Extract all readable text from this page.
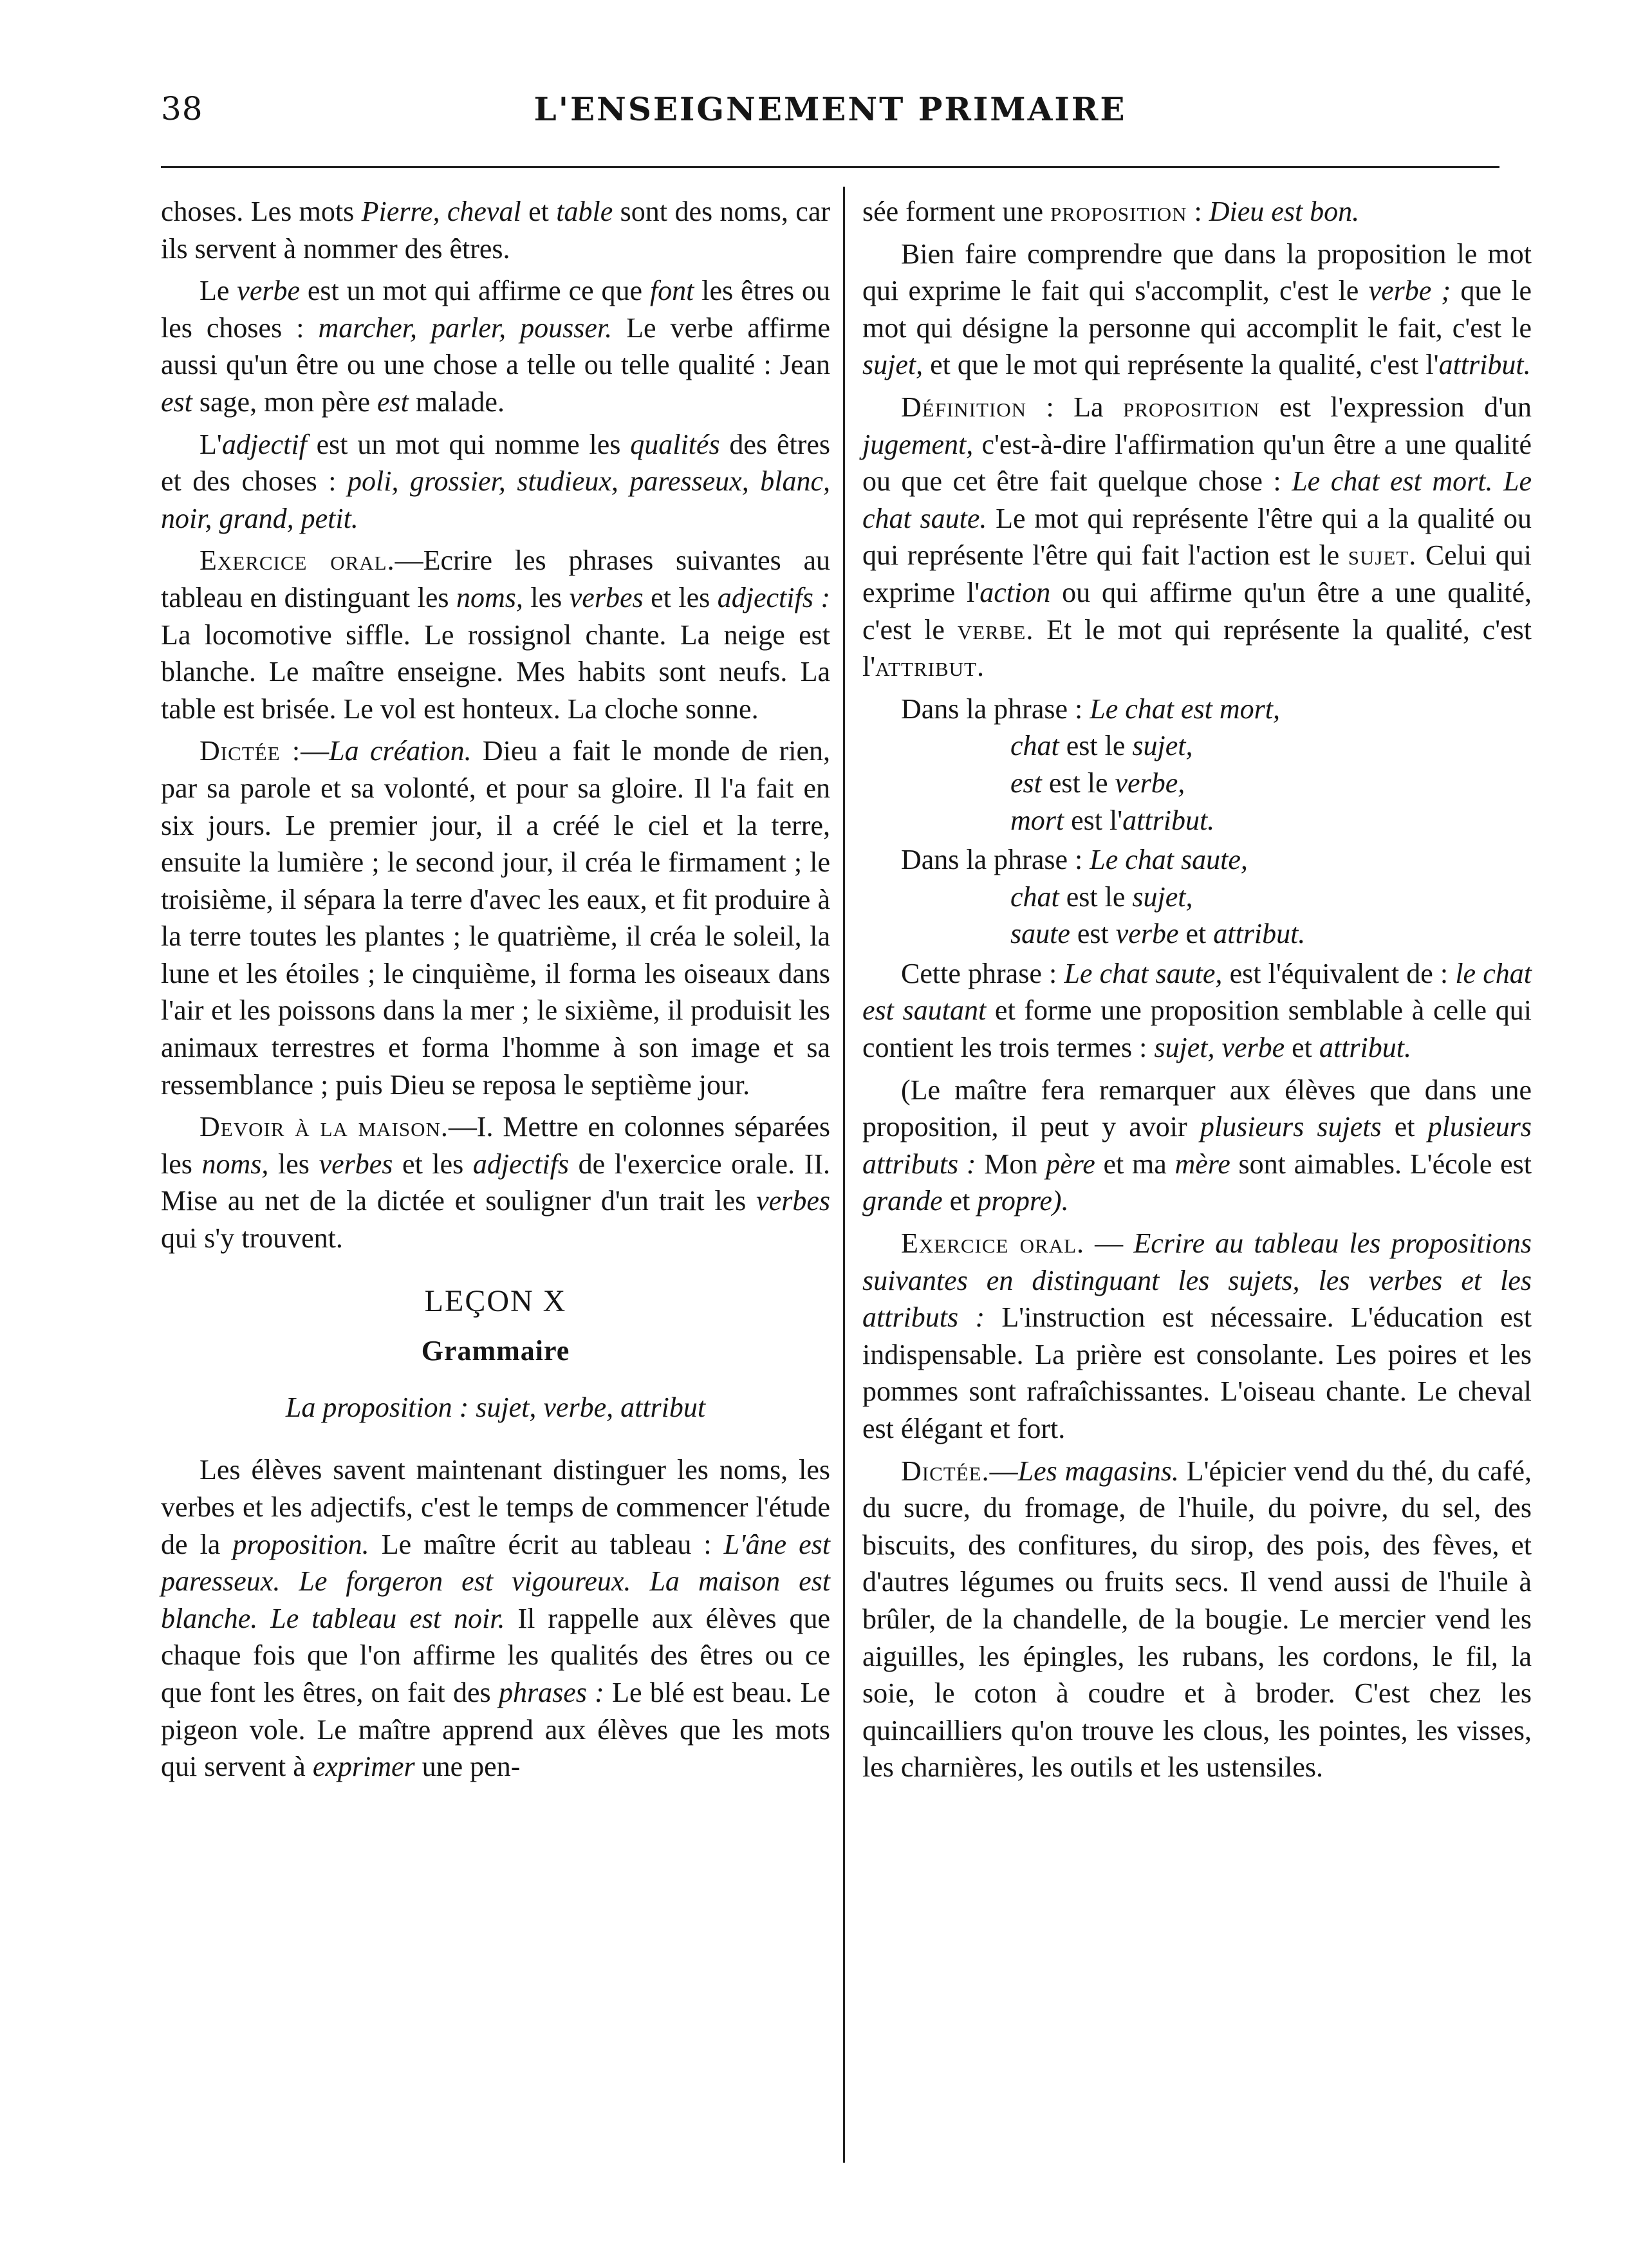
38	L'ENSEIGNEMENT PRIMAIRE

choses. Les mots Pierre, cheval et table sont des noms, car ils servent à nommer des êtres.

Le verbe est un mot qui affirme ce que font les êtres ou les choses : marcher, parler, pousser. Le verbe affirme aussi qu'un être ou une chose a telle ou telle qualité : Jean est sage, mon père est malade.

L'adjectif est un mot qui nomme les qualités des êtres et des choses : poli, grossier, studieux, paresseux, blanc, noir, grand, petit.

Exercice oral.—Ecrire les phrases suivantes au tableau en distinguant les noms, les verbes et les adjectifs : La locomotive siffle. Le rossignol chante. La neige est blanche. Le maître enseigne. Mes habits sont neufs. La table est brisée. Le vol est honteux. La cloche sonne.

Dictée :—La création. Dieu a fait le monde de rien, par sa parole et sa volonté, et pour sa gloire. Il l'a fait en six jours. Le premier jour, il a créé le ciel et la terre, ensuite la lumière ; le second jour, il créa le firmament ; le troisième, il sépara la terre d'avec les eaux, et fit produire à la terre toutes les plantes ; le quatrième, il créa le soleil, la lune et les étoiles ; le cinquième, il forma les oiseaux dans l'air et les poissons dans la mer ; le sixième, il produisit les animaux terrestres et forma l'homme à son image et sa ressemblance ; puis Dieu se reposa le septième jour.

Devoir à la maison.—I. Mettre en colonnes séparées les noms, les verbes et les adjectifs de l'exercice orale. II. Mise au net de la dictée et souligner d'un trait les verbes qui s'y trouvent.

LEÇON X
Grammaire
La proposition : sujet, verbe, attribut

Les élèves savent maintenant distinguer les noms, les verbes et les adjectifs, c'est le temps de commencer l'étude de la proposition. Le maître écrit au tableau : L'âne est paresseux. Le forgeron est vigoureux. La maison est blanche. Le tableau est noir. Il rappelle aux élèves que chaque fois que l'on affirme les qualités des êtres ou ce que font les êtres, on fait des phrases : Le blé est beau. Le pigeon vole. Le maître apprend aux élèves que les mots qui servent à exprimer une pen-

sée forment une proposition : Dieu est bon.

Bien faire comprendre que dans la proposition le mot qui exprime le fait qui s'accomplit, c'est le verbe ; que le mot qui désigne la personne qui accomplit le fait, c'est le sujet, et que le mot qui représente la qualité, c'est l'attribut.

Définition : La proposition est l'expression d'un jugement, c'est-à-dire l'affirmation qu'un être a une qualité ou que cet être fait quelque chose : Le chat est mort. Le chat saute. Le mot qui représente l'être qui a la qualité ou qui représente l'être qui fait l'action est le sujet. Celui qui exprime l'action ou qui affirme qu'un être a une qualité, c'est le verbe. Et le mot qui représente la qualité, c'est l'attribut.

Dans la phrase : Le chat est mort,
chat est le sujet,
est est le verbe,
mort est l'attribut.
Dans la phrase : Le chat saute,
chat est le sujet,
saute est verbe et attribut.

Cette phrase : Le chat saute, est l'équivalent de : le chat est sautant et forme une proposition semblable à celle qui contient les trois termes : sujet, verbe et attribut.

(Le maître fera remarquer aux élèves que dans une proposition, il peut y avoir plusieurs sujets et plusieurs attributs : Mon père et ma mère sont aimables. L'école est grande et propre).

Exercice oral. — Ecrire au tableau les propositions suivantes en distinguant les sujets, les verbes et les attributs : L'instruction est nécessaire. L'éducation est indispensable. La prière est consolante. Les poires et les pommes sont rafraîchissantes. L'oiseau chante. Le cheval est élégant et fort.

Dictée.—Les magasins. L'épicier vend du thé, du café, du sucre, du fromage, de l'huile, du poivre, du sel, des biscuits, des confitures, du sirop, des pois, des fèves, et d'autres légumes ou fruits secs. Il vend aussi de l'huile à brûler, de la chandelle, de la bougie. Le mercier vend les aiguilles, les épingles, les rubans, les cordons, le fil, la soie, le coton à coudre et à broder. C'est chez les quincailliers qu'on trouve les clous, les pointes, les visses, les charnières, les outils et les ustensiles.
